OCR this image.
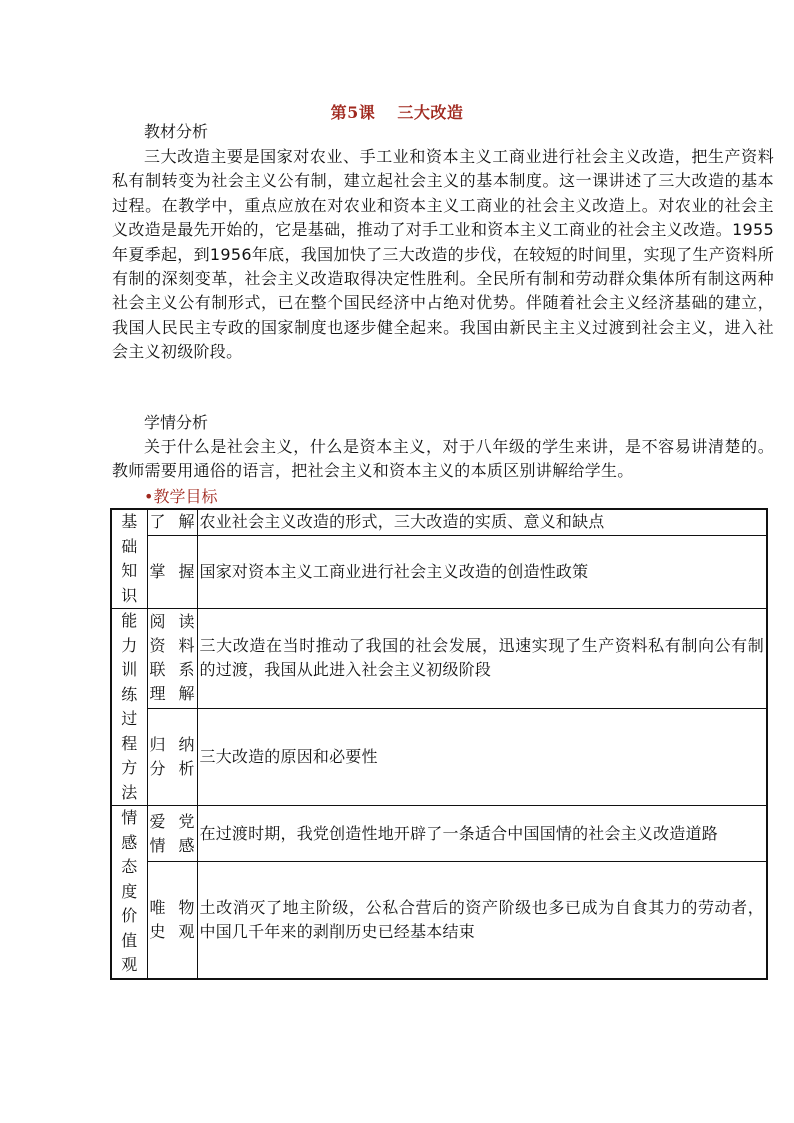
第5课 三大改造
教材分析
三大改造主要是国家对农业、手工业和资本主义工商业进行社会主义改造，把生产资料私有制转变为社会主义公有制，建立起社会主义的基本制度。这一课讲述了三大改造的基本过程。在教学中，重点应放在对农业和资本主义工商业的社会主义改造上。对农业的社会主义改造是最先开始的，它是基础，推动了对手工业和资本主义工商业的社会主义改造。1955年夏季起，到1956年底，我国加快了三大改造的步伐，在较短的时间里，实现了生产资料所有制的深刻变革，社会主义改造取得决定性胜利。全民所有制和劳动群众集体所有制这两种社会主义公有制形式，已在整个国民经济中占绝对优势。伴随着社会主义经济基础的建立，我国人民民主专政的国家制度也逐步健全起来。我国由新民主主义过渡到社会主义，进入社会主义初级阶段。
学情分析
关于什么是社会主义，什么是资本主义，对于八年级的学生来讲，是不容易讲清楚的。教师需要用通俗的语言，把社会主义和资本主义的本质区别讲解给学生。
•教学目标
基础知识	了解	农业社会主义改造的形式，三大改造的实质、意义和缺点

	掌握	国家对资本主义工商业进行社会主义改造的创造性政策

能力训练过程方法	阅读资料联系理解	三大改造在当时推动了我国的社会发展，迅速实现了生产资料私有制向公有制的过渡，我国从此进入社会主义初级阶段

	归纳分析	三大改造的原因和必要性

情感态度价值观	爱党情感	在过渡时期，我党创造性地开辟了一条适合中国国情的社会主义改造道路

	唯物史观	土改消灭了地主阶级，公私合营后的资产阶级也多已成为自食其力的劳动者，中国几千年来的剥削历史已经基本结束
